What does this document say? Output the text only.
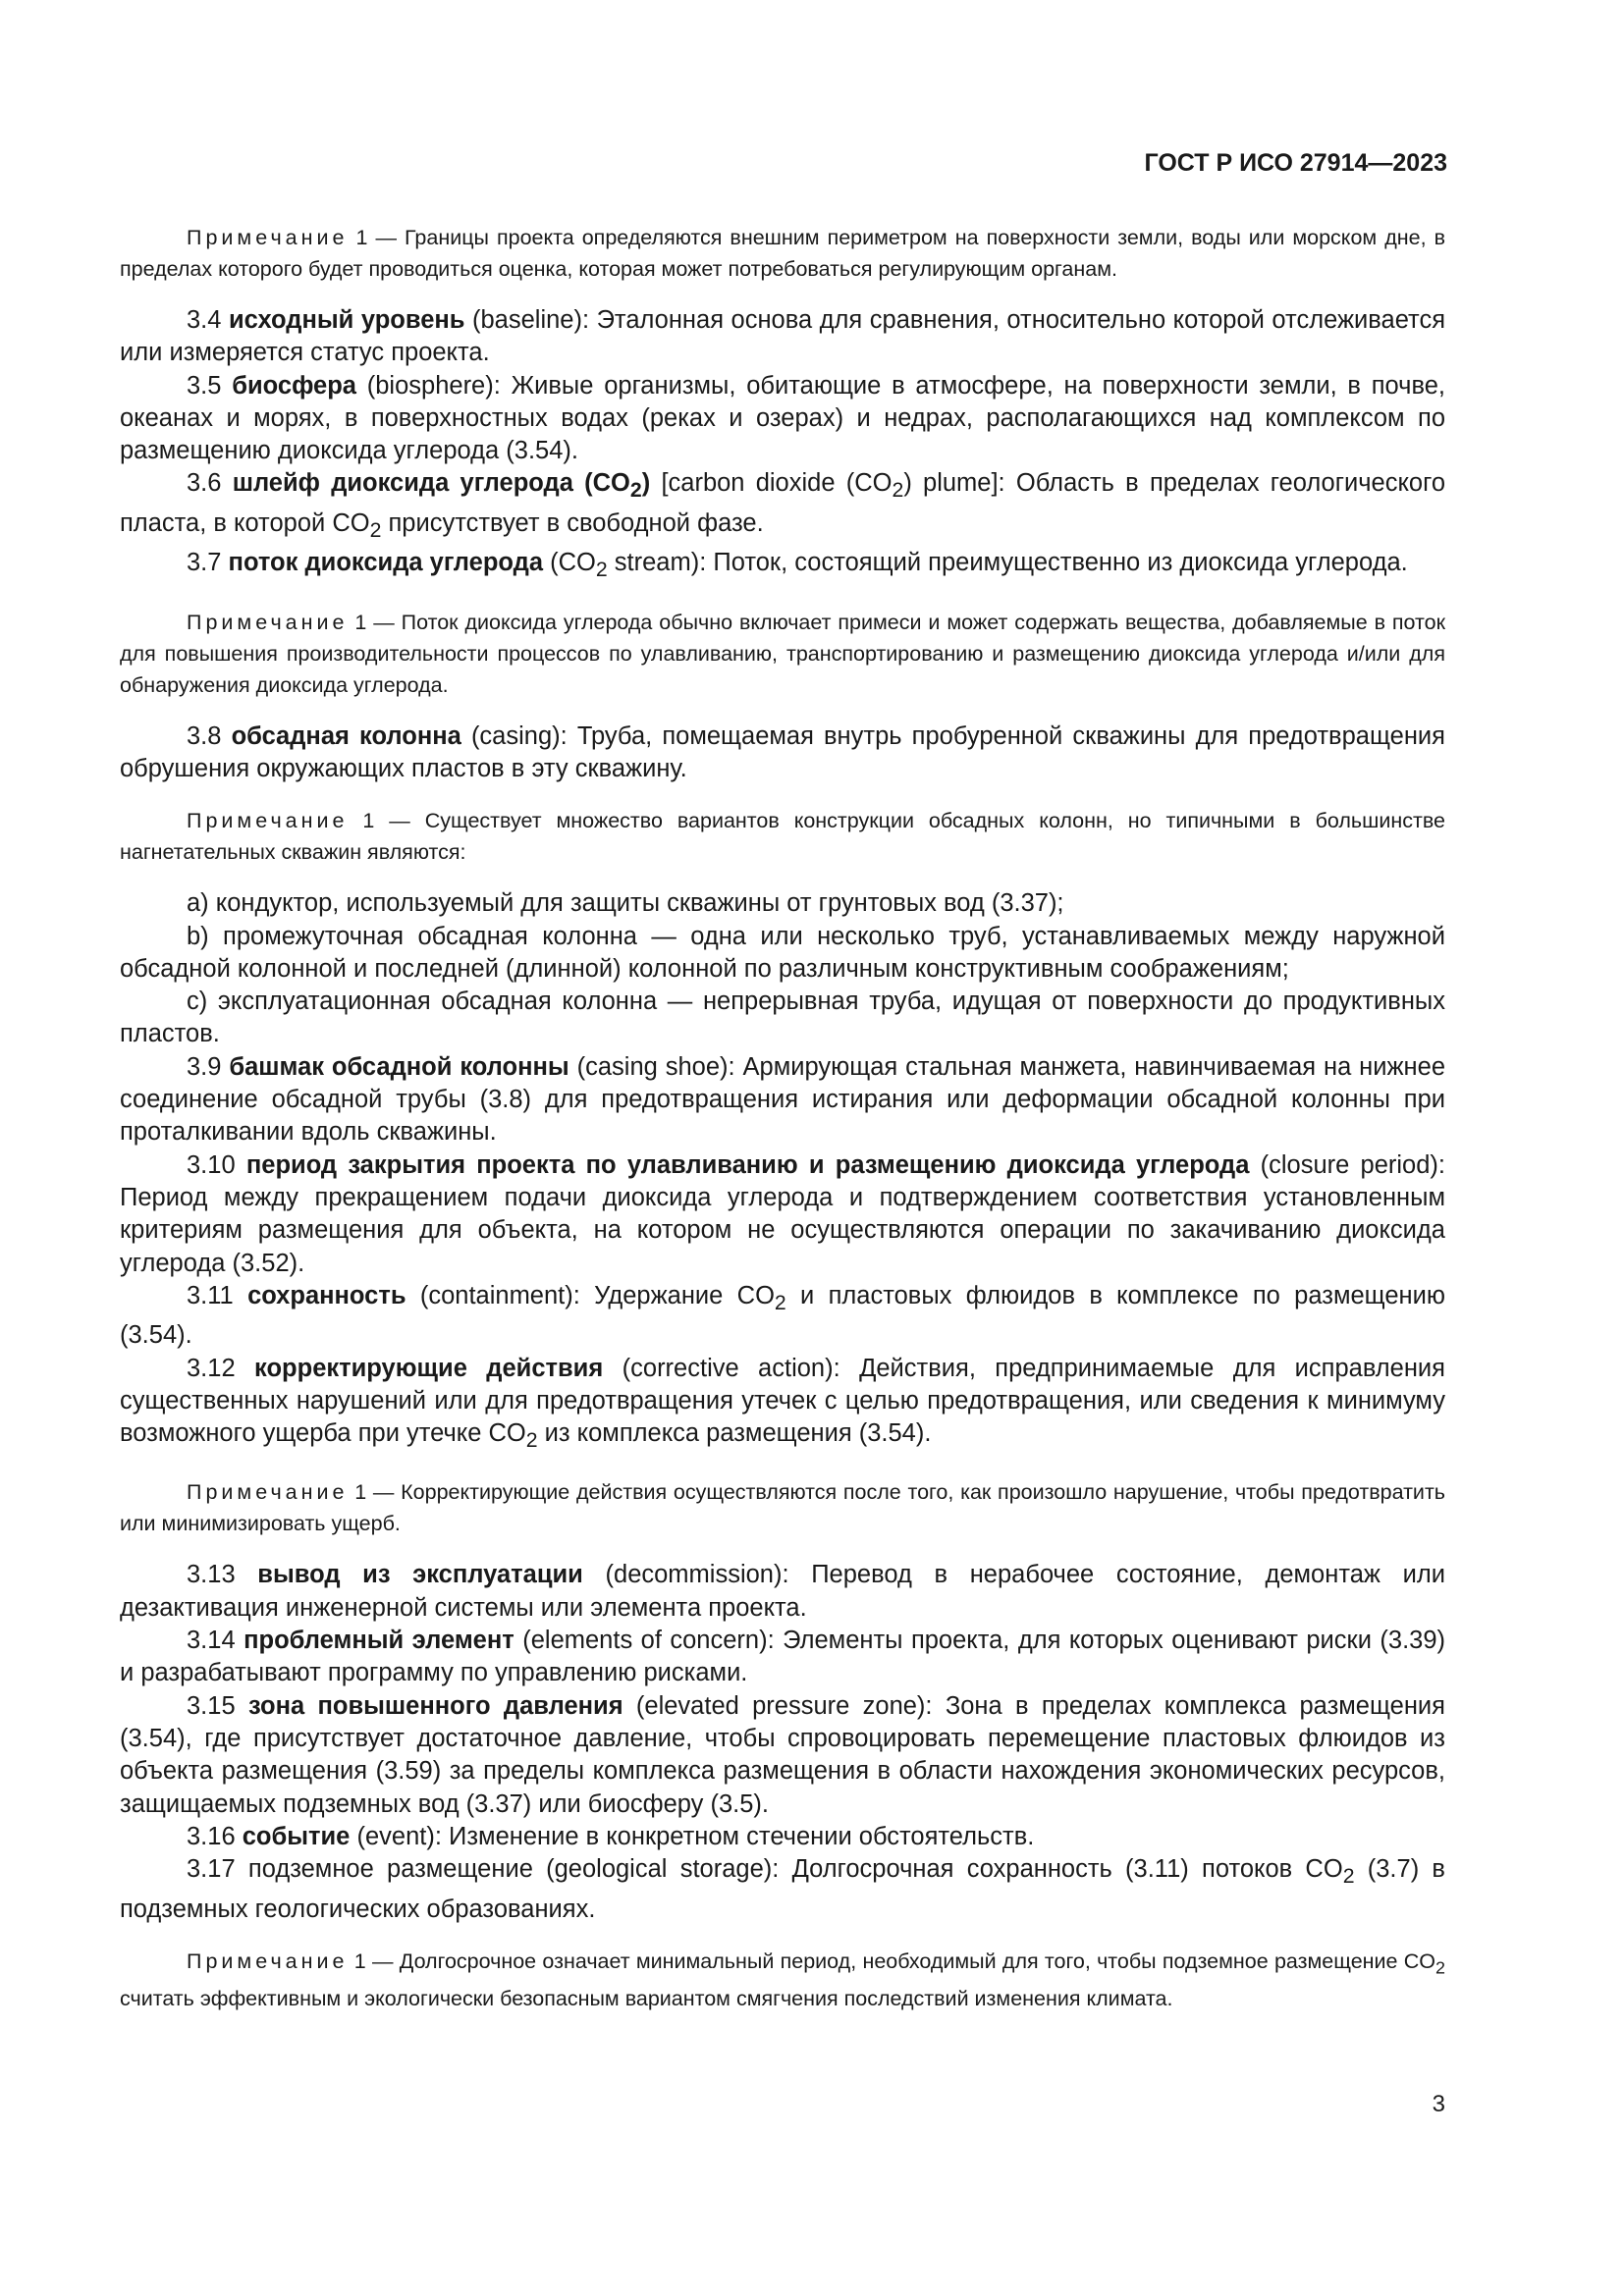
ГОСТ Р ИСО 27914—2023

Примечание 1 — Границы проекта определяются внешним периметром на поверхности земли, воды или морском дне, в пределах которого будет проводиться оценка, которая может потребоваться регулирующим органам.

3.4 исходный уровень (baseline): Эталонная основа для сравнения, относительно которой отслеживается или измеряется статус проекта.

3.5 биосфера (biosphere): Живые организмы, обитающие в атмосфере, на поверхности земли, в почве, океанах и морях, в поверхностных водах (реках и озерах) и недрах, располагающихся над комплексом по размещению диоксида углерода (3.54).

3.6 шлейф диоксида углерода $(CO_2)$ [carbon dioxide $(CO_2)$ plume]: Область в пределах геологического пласта, в которой $CO_2$ присутствует в свободной фазе.

3.7 поток диоксида углерода ($CO_2$ stream): Поток, состоящий преимущественно из диоксида углерода.

Примечание 1 — Поток диоксида углерода обычно включает примеси и может содержать вещества, добавляемые в поток для повышения производительности процессов по улавливанию, транспортированию и размещению диоксида углерода и/или для обнаружения диоксида углерода.

3.8 обсадная колонна (casing): Труба, помещаемая внутрь пробуренной скважины для предотвращения обрушения окружающих пластов в эту скважину.

Примечание 1 — Существует множество вариантов конструкции обсадных колонн, но типичными в большинстве нагнетательных скважин являются:

а) кондуктор, используемый для защиты скважины от грунтовых вод (3.37);

b) промежуточная обсадная колонна — одна или несколько труб, устанавливаемых между наружной обсадной колонной и последней (длинной) колонной по различным конструктивным соображениям;

c) эксплуатационная обсадная колонна — непрерывная труба, идущая от поверхности до продуктивных пластов.

3.9 башмак обсадной колонны (casing shoe): Армирующая стальная манжета, навинчиваемая на нижнее соединение обсадной трубы (3.8) для предотвращения истирания или деформации обсадной колонны при проталкивании вдоль скважины.

3.10 период закрытия проекта по улавливанию и размещению диоксида углерода (closure period): Период между прекращением подачи диоксида углерода и подтверждением соответствия установленным критериям размещения для объекта, на котором не осуществляются операции по закачиванию диоксида углерода (3.52).

3.11 сохранность (containment): Удержание $CO_2$ и пластовых флюидов в комплексе по размещению (3.54).

3.12 корректирующие действия (corrective action): Действия, предпринимаемые для исправления существенных нарушений или для предотвращения утечек с целью предотвращения, или сведения к минимуму возможного ущерба при утечке $CO_2$ из комплекса размещения (3.54).

Примечание 1 — Корректирующие действия осуществляются после того, как произошло нарушение, чтобы предотвратить или минимизировать ущерб.

3.13 вывод из эксплуатации (decommission): Перевод в нерабочее состояние, демонтаж или дезактивация инженерной системы или элемента проекта.

3.14 проблемный элемент (elements of concern): Элементы проекта, для которых оценивают риски (3.39) и разрабатывают программу по управлению рисками.

3.15 зона повышенного давления (elevated pressure zone): Зона в пределах комплекса размещения (3.54), где присутствует достаточное давление, чтобы спровоцировать перемещение пластовых флюидов из объекта размещения (3.59) за пределы комплекса размещения в области нахождения экономических ресурсов, защищаемых подземных вод (3.37) или биосферу (3.5).

3.16 событие (event): Изменение в конкретном стечении обстоятельств.

3.17 подземное размещение (geological storage): Долгосрочная сохранность (3.11) потоков $CO_2$ (3.7) в подземных геологических образованиях.

Примечание 1 — Долгосрочное означает минимальный период, необходимый для того, чтобы подземное размещение $CO_2$ считать эффективным и экологически безопасным вариантом смягчения последствий изменения климата.

3
